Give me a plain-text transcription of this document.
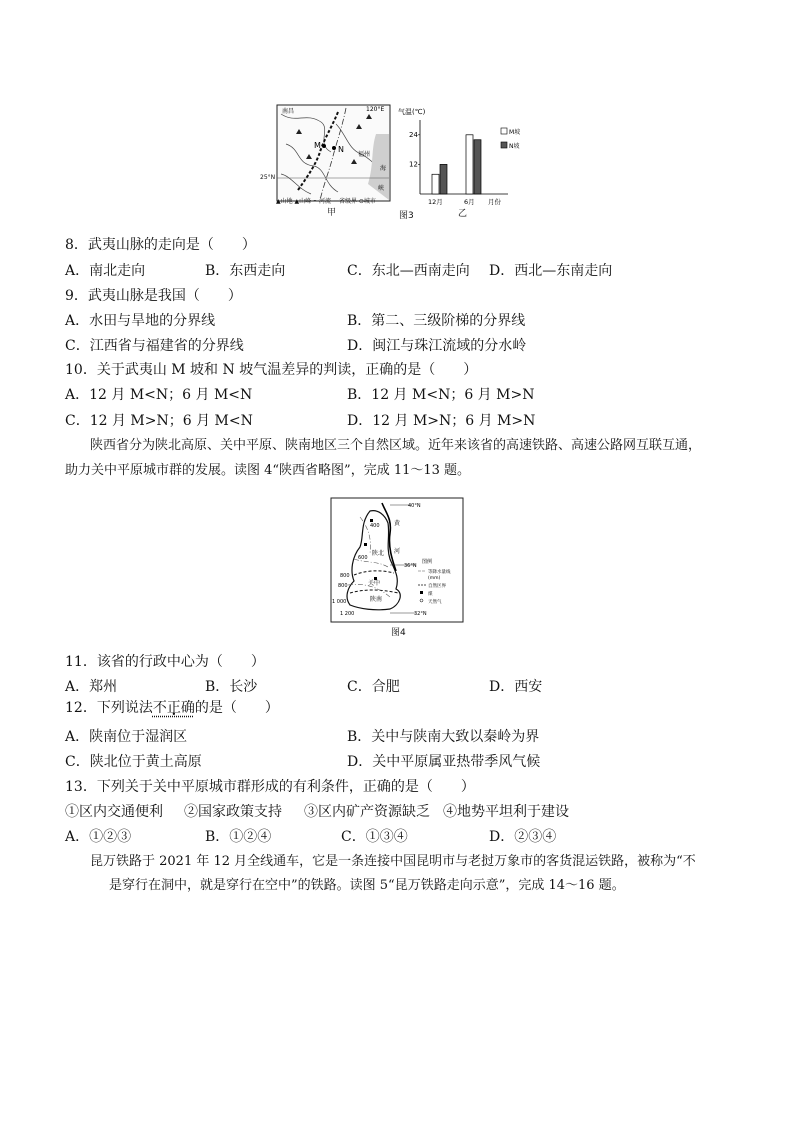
M N
南昌	120°E
福州
海
峡
25°N
▲山地 ▲山峰 ～河流 －省级界 ⊙城市
甲	图3
气温(℃)
12
24
12月	6月 月份
M坡
N坡
乙
8．武夷山脉的走向是（　　）
A．南北走向	B．东西走向	C．东北—西南走向 D．西北—东南走向
9．武夷山脉是我国（　　）
A．水田与旱地的分界线	B．第二、三级阶梯的分界线
C．江西省与福建省的分界线	D．闽江与珠江流域的分水岭
10．关于武夷山 M 坡和 N 坡气温差异的判读，正确的是（　　）
A．12 月 M<N；6 月 M<N	B．12 月 M<N；6 月 M>N
C．12 月 M>N；6 月 M<N	D．12 月 M>N；6 月 M>N
陕西省分为陕北高原、关中平原、陕南地区三个自然区域。近年来该省的高速铁路、高速公路网互联互通，
助力关中平原城市群的发展。读图 4“陕西省略图”，完成 11～13 题。
40°N
36°N
32°N
黄
河
陕北
关中
陕南
400
600
800
800
1 000
1 200
图例
等降水量线
(mm)
自然区界
煤
天然气
图4
11．该省的行政中心为（　　）
A．郑州	B．长沙	C．合肥	D．西安
12．下列说法不正确的是（　　）
A．陕南位于湿润区	B．关中与陕南大致以秦岭为界
C．陕北位于黄土高原	D．关中平原属亚热带季风气候
13．下列关于关中平原城市群形成的有利条件，正确的是（　　）
①区内交通便利 ②国家政策支持 ③区内矿产资源缺乏 ④地势平坦利于建设
A．①②③	B．①②④	C．①③④	D．②③④
昆万铁路于 2021 年 12 月全线通车，它是一条连接中国昆明市与老挝万象市的客货混运铁路，被称为“不
是穿行在洞中，就是穿行在空中”的铁路。读图 5“昆万铁路走向示意”，完成 14～16 题。
